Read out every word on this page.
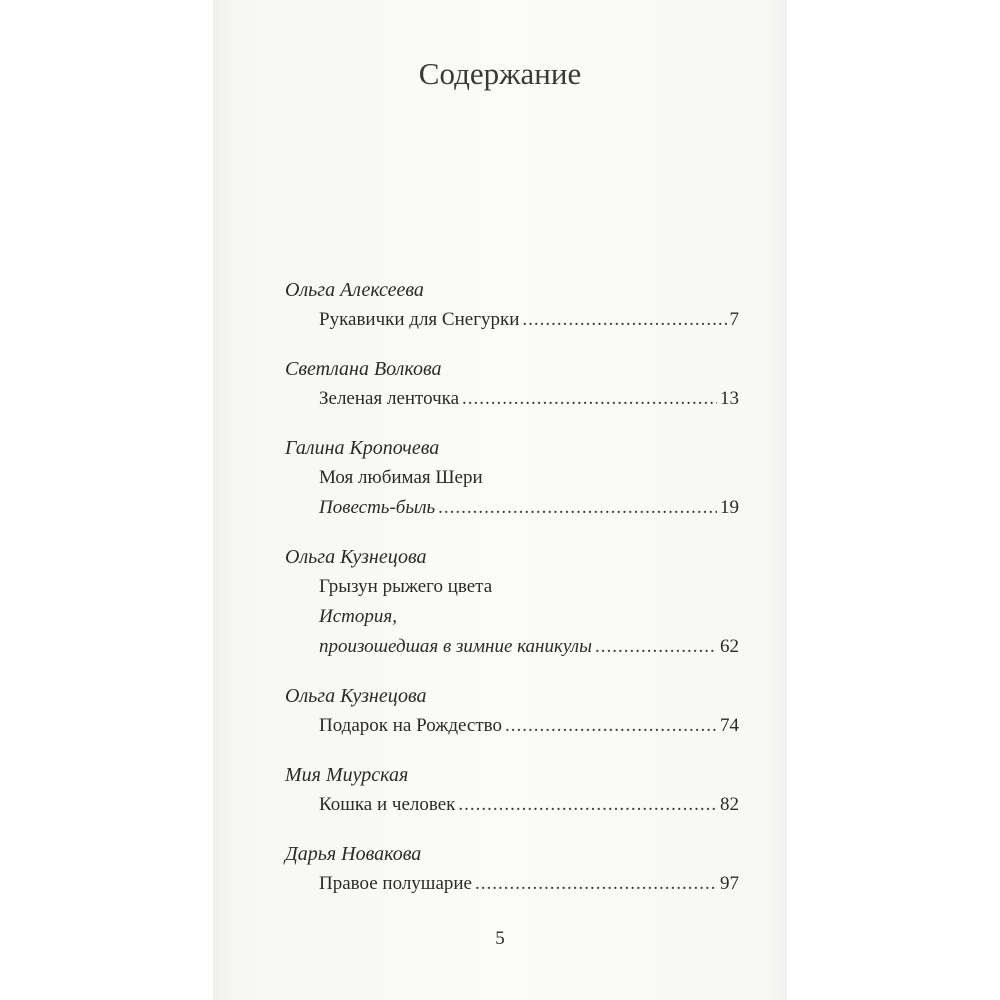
Содержание
Ольга Алексеева
Рукавички для Снегурки .....	7
Светлана Волкова
Зеленая ленточка .....	13
Галина Кропочева
Моя любимая Шери
Повесть-быль .....	19
Ольга Кузнецова
Грызун рыжего цвета
История,
произошедшая в зимние каникулы .....	62
Ольга Кузнецова
Подарок на Рождество .....	74
Мия Миурская
Кошка и человек .....	82
Дарья Новакова
Правое полушарие .....	97
5
